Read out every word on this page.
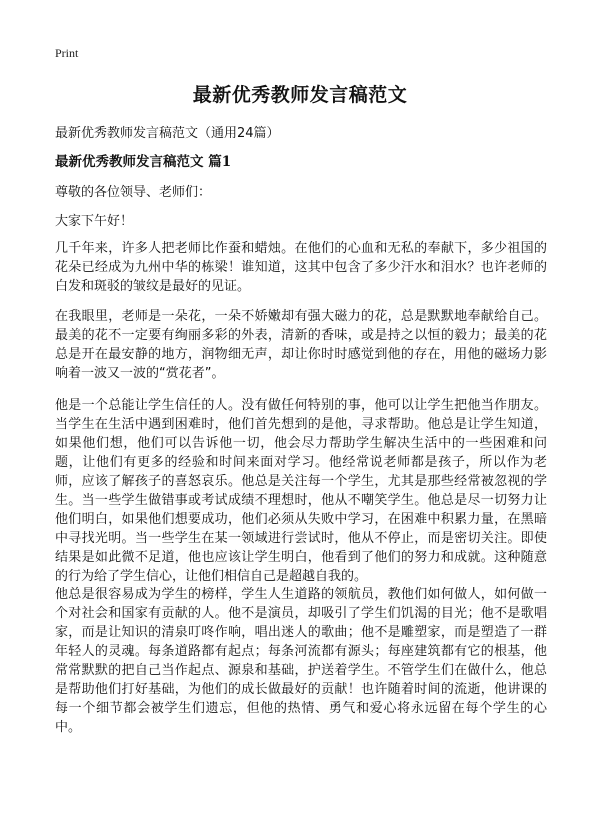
Print
最新优秀教师发言稿范文
最新优秀教师发言稿范文（通用24篇）
最新优秀教师发言稿范文 篇1
尊敬的各位领导、老师们：
大家下午好！

几千年来，许多人把老师比作蚕和蜡烛。在他们的心血和无私的奉献下，多少祖国的花朵已经成为九州中华的栋梁！谁知道，这其中包含了多少汗水和泪水？也许老师的白发和斑驳的皱纹是最好的见证。

在我眼里，老师是一朵花，一朵不娇嫩却有强大磁力的花，总是默默地奉献给自己。最美的花不一定要有绚丽多彩的外表，清新的香味，或是持之以恒的毅力；最美的花总是开在最安静的地方，润物细无声，却让你时时感觉到他的存在，用他的磁场力影响着一波又一波的“赏花者”。

他是一个总能让学生信任的人。没有做任何特别的事，他可以让学生把他当作朋友。当学生在生活中遇到困难时，他们首先想到的是他，寻求帮助。他总是让学生知道，如果他们想，他们可以告诉他一切，他会尽力帮助学生解决生活中的一些困难和问题，让他们有更多的经验和时间来面对学习。他经常说老师都是孩子，所以作为老师，应该了解孩子的喜怒哀乐。他总是关注每一个学生，尤其是那些经常被忽视的学生。当一些学生做错事或考试成绩不理想时，他从不嘲笑学生。他总是尽一切努力让他们明白，如果他们想要成功，他们必须从失败中学习，在困难中积累力量，在黑暗中寻找光明。当一些学生在某一领域进行尝试时，他从不停止，而是密切关注。即使结果是如此微不足道，他也应该让学生明白，他看到了他们的努力和成就。这种随意的行为给了学生信心，让他们相信自己是超越自我的。

他总是很容易成为学生的榜样，学生人生道路的领航员，教他们如何做人，如何做一个对社会和国家有贡献的人。他不是演员，却吸引了学生们饥渴的目光；他不是歌唱家，而是让知识的清泉叮咚作响，唱出迷人的歌曲；他不是雕塑家，而是塑造了一群年轻人的灵魂。每条道路都有起点；每条河流都有源头；每座建筑都有它的根基，他常常默默的把自己当作起点、源泉和基础，护送着学生。不管学生们在做什么，他总是帮助他们打好基础，为他们的成长做最好的贡献！也许随着时间的流逝，他讲课的每一个细节都会被学生们遗忘，但他的热情、勇气和爱心将永远留在每个学生的心中。
